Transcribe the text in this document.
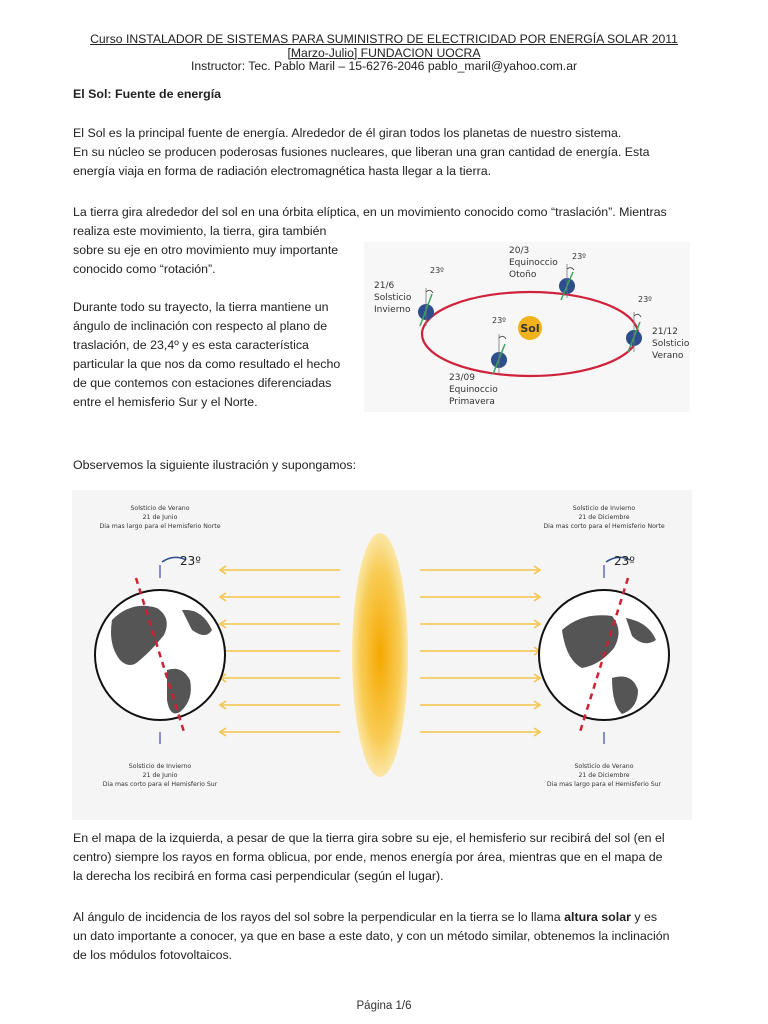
Curso INSTALADOR DE SISTEMAS PARA SUMINISTRO DE ELECTRICIDAD POR ENERGÍA SOLAR 2011
[Marzo-Julio] FUNDACION UOCRA
Instructor: Tec. Pablo Maril – 15-6276-2046 pablo_maril@yahoo.com.ar
El Sol: Fuente de energía
El Sol es la principal fuente de energía. Alrededor de él giran todos los planetas de nuestro sistema.
En su núcleo se producen poderosas fusiones nucleares, que liberan una gran cantidad de energía. Esta
energía viaja en forma de radiación electromagnética hasta llegar a la tierra.
La tierra gira alrededor del sol en una órbita elíptica, en un movimiento conocido como “traslación”. Mientras
realiza este movimiento, la tierra, gira también
sobre su eje en otro movimiento muy importante
conocido como “rotación”.
Durante todo su trayecto, la tierra mantiene un
ángulo de inclinación con respecto al plano de
traslación, de 23,4º y es esta característica
particular la que nos da como resultado el hecho
de que contemos con estaciones diferenciadas
entre el hemisferio Sur y el Norte.
Sol
23º
20/3
Equinoccio
Otoño
23º
21/6
Solsticio
Invierno
23º
21/12
Solsticio
Verano
23º
23/09
Equinoccio
Primavera
Observemos la siguiente ilustración y supongamos:
23º	23º
Solsticio de Verano
21 de Junio
Dia mas largo para el Hemisferio Norte
Solsticio de Invierno
21 de Junio
Dia mas corto para el Hemisferio Sur
Solsticio de Invierno
21 de Diciembre
Dia mas corto para el Hemisferio Norte
Solsticio de Verano
21 de Diciembre
Dia mas largo para el Hemisferio Sur
En el mapa de la izquierda, a pesar de que la tierra gira sobre su eje, el hemisferio sur recibirá del sol (en el
centro) siempre los rayos en forma oblicua, por ende, menos energía por área, mientras que en el mapa de
la derecha los recibirá en forma casi perpendicular (según el lugar).
Al ángulo de incidencia de los rayos del sol sobre la perpendicular en la tierra se lo llama altura solar y es
un dato importante a conocer, ya que en base a este dato, y con un método similar, obtenemos la inclinación
de los módulos fotovoltaicos.
Página 1/6
